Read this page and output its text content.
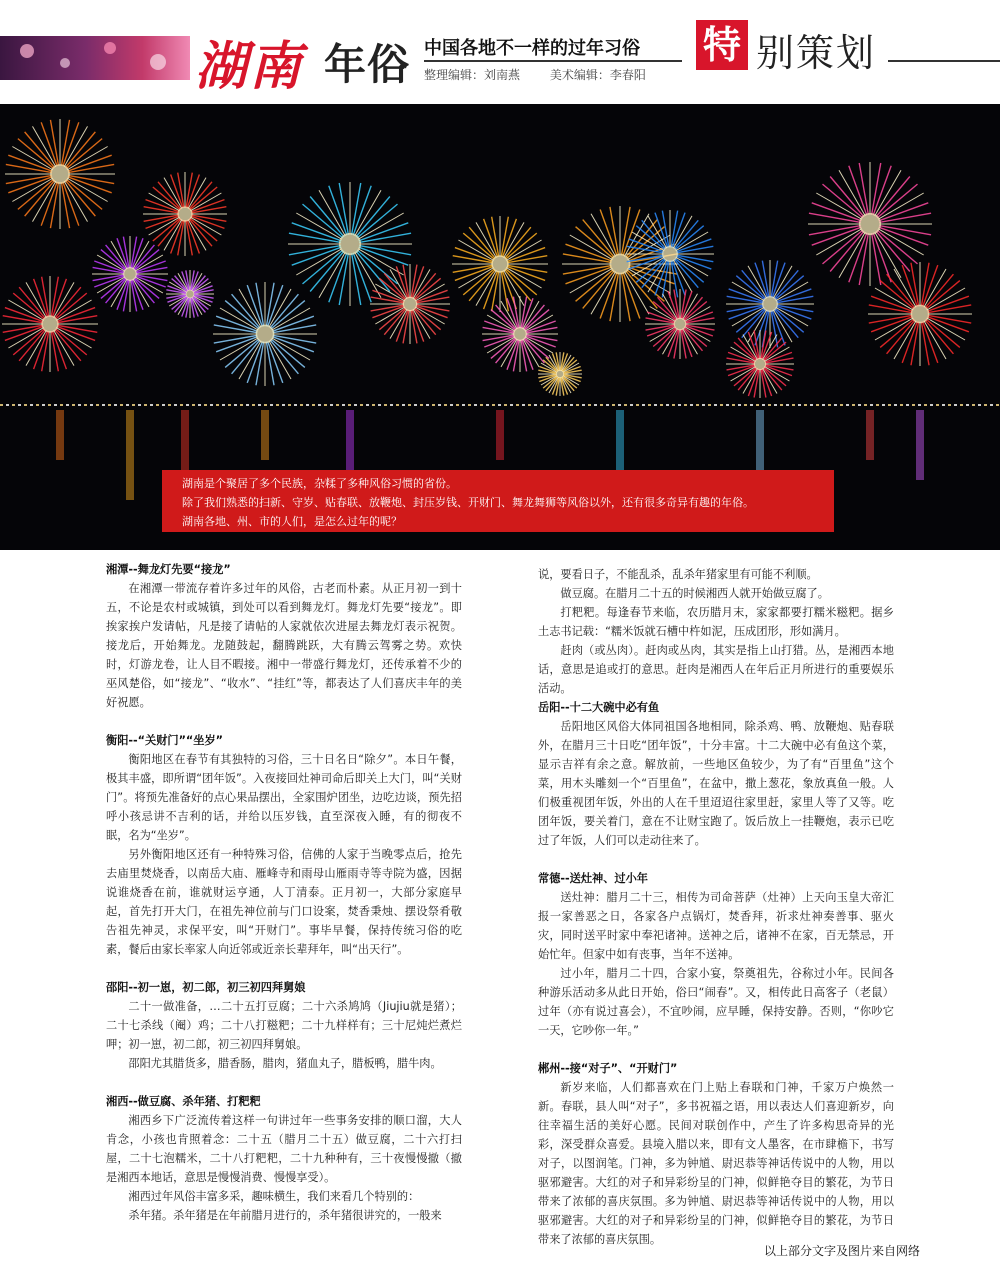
湖南 年俗 中国各地不一样的过年习俗
整理编辑：刘南燕 美术编辑：李春阳
特 别策划
湖南是个聚居了多个民族，杂糅了多种风俗习惯的省份。
除了我们熟悉的扫新、守岁、贴春联、放鞭炮、封压岁钱、开财门、舞龙舞狮等风俗以外，还有很多奇异有趣的年俗。
湖南各地、州、市的人们，是怎么过年的呢？
湘潭--舞龙灯先要“接龙”

在湘潭一带流存着许多过年的风俗，古老而朴素。从正月初一到十五，不论是农村或城镇，到处可以看到舞龙灯。舞龙灯先要“接龙”。即挨家挨户发请帖，凡是接了请帖的人家就依次进屋去舞龙灯表示祝贺。接龙后，开始舞龙。龙随鼓起，翻腾跳跃，大有腾云驾雾之势。欢快时，灯游龙卷，让人目不暇接。湘中一带盛行舞龙灯，还传承着不少的巫风楚俗，如“接龙”、“收水”、“挂红”等，都表达了人们喜庆丰年的美好祝愿。

衡阳--“关财门”“坐岁”

衡阳地区在春节有其独特的习俗，三十日名日“除夕”。本日午餐，极其丰盛，即所谓“团年饭”。入夜接回灶神司命后即关上大门，叫“关财门”。将预先准备好的点心果品摆出，全家围炉团坐，边吃边谈，预先招呼小孩忌讲不吉利的话，并给以压岁钱，直至深夜入睡，有的彻夜不眠，名为“坐岁”。

另外衡阳地区还有一种特殊习俗，信佛的人家于当晚零点后，抢先去庙里焚烧香，以南岳大庙、雁峰寺和雨母山雁雨寺等寺院为盛，因据说谁烧香在前，谁就财运亨通，人丁清泰。正月初一，大部分家庭早起，首先打开大门，在祖先神位前与门口设案，焚香秉烛、摆设祭肴敬告祖先神灵，求保平安，叫“开财门”。事毕早餐，保持传统习俗的吃素，餐后由家长率家人向近邻或近亲长辈拜年，叫“出天行”。

邵阳--初一崽，初二郎，初三初四拜舅娘

二十一做准备，…二十五打豆腐；二十六杀鸠鸠（Jiujiu就是猪）；二十七杀线（阉）鸡；二十八打糍粑；二十九样样有；三十尼炖烂煮烂呷；初一崽，初二郎，初三初四拜舅娘。

邵阳尤其腊货多，腊香肠，腊肉，猪血丸子，腊板鸭，腊牛肉。

湘西--做豆腐、杀年猪、打粑粑

湘西乡下广泛流传着这样一句讲过年一些事务安排的顺口溜，大人肯念，小孩也肯照着念：二十五（腊月二十五）做豆腐，二十六打扫屋，二十七泡糯米，二十八打粑粑，二十九种种有，三十夜慢慢撤（撤是湘西本地话，意思是慢慢消费、慢慢享受）。

湘西过年风俗丰富多采，趣味横生，我们来看几个特别的：

杀年猪。杀年猪是在年前腊月进行的，杀年猪很讲究的，一般来

说，要看日子，不能乱杀，乱杀年猪家里有可能不利顺。

做豆腐。在腊月二十五的时候湘西人就开始做豆腐了。

打粑粑。每逢春节来临，农历腊月末，家家都要打糯米糍粑。据乡土志书记载：“糯米饭就石槽中杵如泥，压成团形，形如满月。

赶肉（或丛肉）。赶肉或丛肉，其实是指上山打猎。丛，是湘西本地话，意思是追或打的意思。赶肉是湘西人在年后正月所进行的重要娱乐活动。

岳阳--十二大碗中必有鱼

岳阳地区风俗大体同祖国各地相同，除杀鸡、鸭、放鞭炮、贴春联外，在腊月三十日吃“团年饭”，十分丰富。十二大碗中必有鱼这个菜，显示吉祥有余之意。解放前，一些地区鱼较少，为了有“百里鱼”这个菜，用木头雕刻一个“百里鱼”，在盆中，撒上葱花，象放真鱼一般。人们极重视团年饭，外出的人在千里迢迢往家里赶，家里人等了又等。吃团年饭，要关着门，意在不让财宝跑了。饭后放上一挂鞭炮，表示已吃过了年饭，人们可以走动往来了。

常德--送灶神、过小年

送灶神：腊月二十三，相传为司命菩萨（灶神）上天向玉皇大帝汇报一家善恶之日，各家各户点锅灯，焚香拜，祈求灶神奏善事、驱火灾，同时送平时家中奉祀诸神。送神之后，诸神不在家，百无禁忌，开始忙年。但家中如有丧事，当年不送神。

过小年，腊月二十四，合家小宴，祭奠祖先，谷称过小年。民间各种游乐活动多从此日开始，俗曰“闹春”。又，相传此日高客子（老鼠）过年（亦有说过喜会），不宜吵闹，应早睡，保持安静。否则，“你吵它一天，它吵你一年。”

郴州--接“对子”、“开财门”

新岁来临，人们都喜欢在门上贴上春联和门神，千家万户焕然一新。春联，县人叫“对子”，多书祝福之语，用以表达人们喜迎新岁，向往幸福生活的美好心愿。民间对联创作中，产生了许多构思奇异的光彩，深受群众喜爱。县境入腊以来，即有文人墨客，在市肆檐下，书写对子，以图润笔。门神，多为钟馗、尉迟恭等神话传说中的人物，用以驱邪避害。大红的对子和异彩纷呈的门神，似鲜艳夺目的繁花，为节日带来了浓郁的喜庆氛围。多为钟馗、尉迟恭等神话传说中的人物，用以驱邪避害。大红的对子和异彩纷呈的门神，似鲜艳夺目的繁花，为节日带来了浓郁的喜庆氛围。

以上部分文字及图片来自网络
